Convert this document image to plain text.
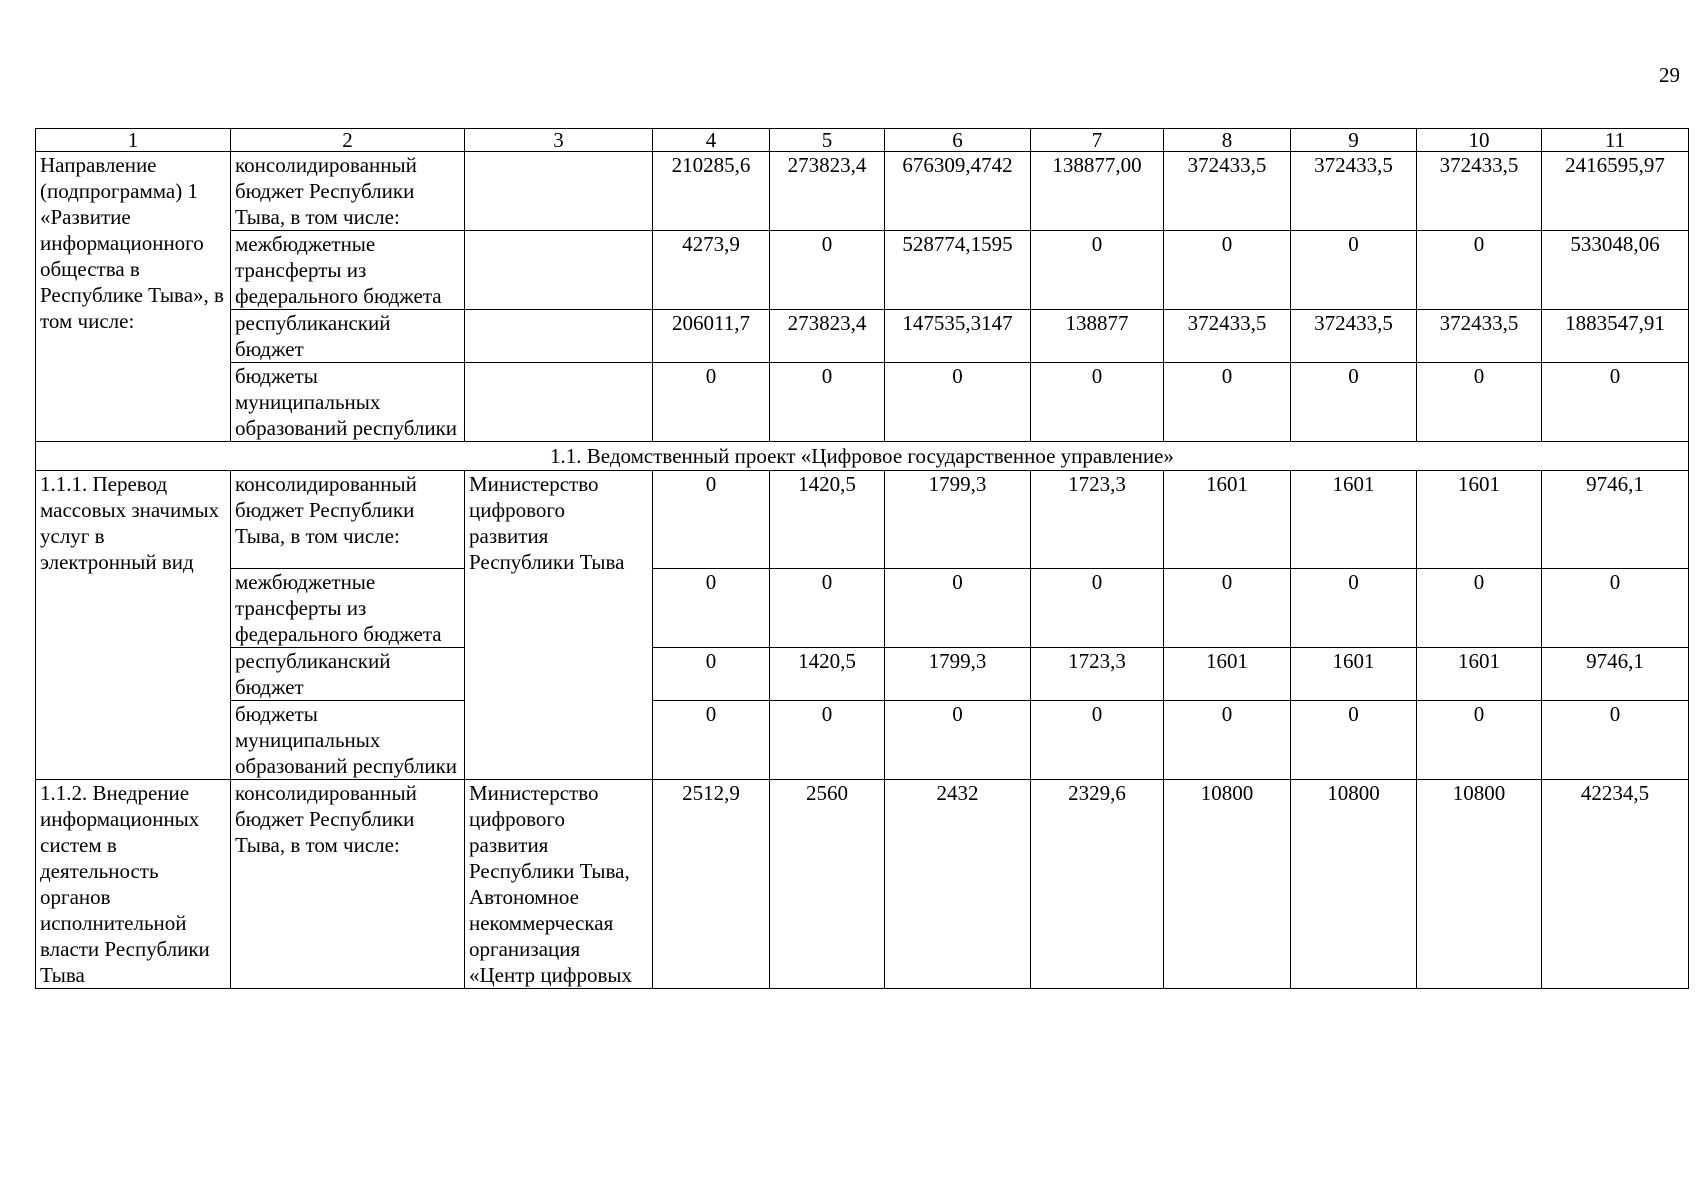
29
1	2	3	4	5	6	7	8	9	10	11
Направление (подпрограмма) 1 «Развитие информационного общества в Республике Тыва», в том числе:	консолидированный бюджет Республики Тыва, в том числе:		210285,6	273823,4	676309,4742	138877,00	372433,5	372433,5	372433,5	2416595,97
	межбюджетные трансферты из федерального бюджета		4273,9	0	528774,1595	0	0	0	0	533048,06
	республиканский бюджет		206011,7	273823,4	147535,3147	138877	372433,5	372433,5	372433,5	1883547,91
	бюджеты муниципальных образований республики		0	0	0	0	0	0	0	0
1.1. Ведомственный проект «Цифровое государственное управление»										
1.1.1. Перевод массовых значимых услуг в электронный вид	консолидированный бюджет Республики Тыва, в том числе:	Министерство цифрового развития Республики Тыва	0	1420,5	1799,3	1723,3	1601	1601	1601	9746,1
	межбюджетные трансферты из федерального бюджета		0	0	0	0	0	0	0	0
	республиканский бюджет		0	1420,5	1799,3	1723,3	1601	1601	1601	9746,1
	бюджеты муниципальных образований республики		0	0	0	0	0	0	0	0
1.1.2. Внедрение информационных систем в деятельность органов исполнительной власти Республики Тыва	консолидированный бюджет Республики Тыва, в том числе:	Министерство цифрового развития Республики Тыва, Автономное некоммерческая организация «Центр цифровых	2512,9	2560	2432	2329,6	10800	10800	10800	42234,5
